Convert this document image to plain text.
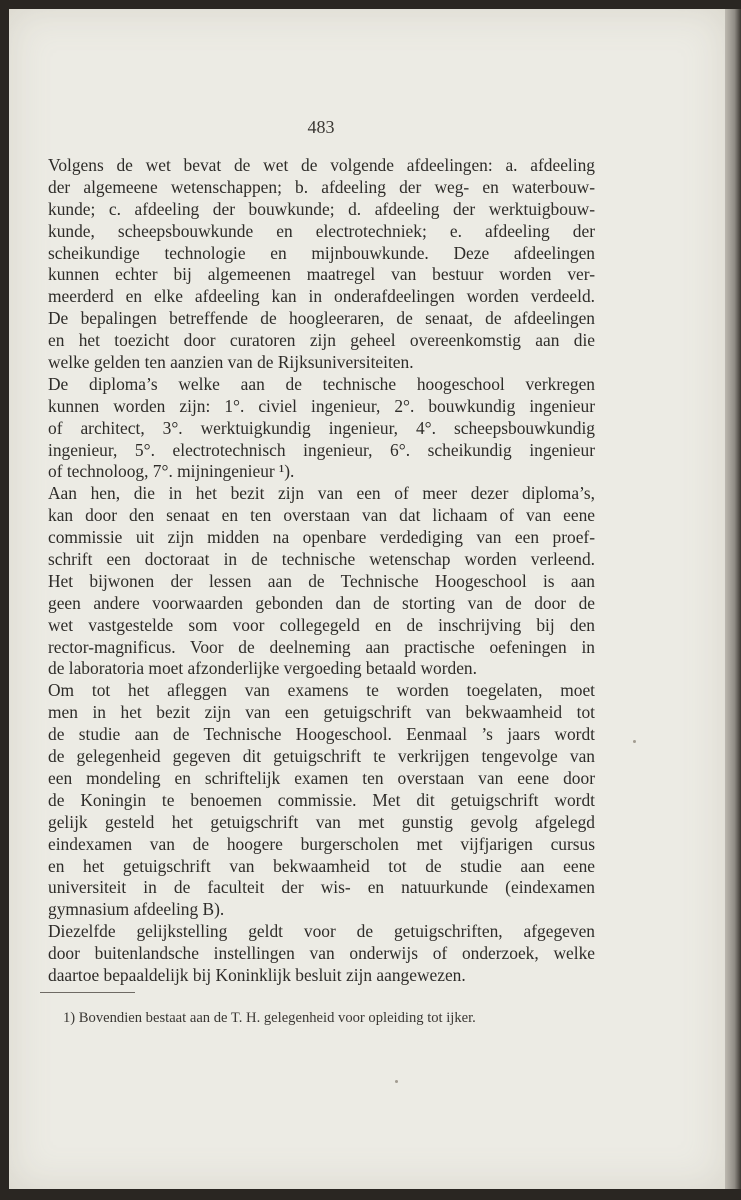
483
Volgens de wet bevat de wet de volgende afdeelingen: a. afdeeling
der algemeene wetenschappen; b. afdeeling der weg- en waterbouw-
kunde; c. afdeeling der bouwkunde; d. afdeeling der werktuigbouw-
kunde, scheepsbouwkunde en electrotechniek; e. afdeeling der
scheikundige technologie en mijnbouwkunde. Deze afdeelingen
kunnen echter bij algemeenen maatregel van bestuur worden ver-
meerderd en elke afdeeling kan in onderafdeelingen worden verdeeld.
De bepalingen betreffende de hoogleeraren, de senaat, de afdeelingen
en het toezicht door curatoren zijn geheel overeenkomstig aan die
welke gelden ten aanzien van de Rijksuniversiteiten.
De diploma’s welke aan de technische hoogeschool verkregen
kunnen worden zijn: 1°. civiel ingenieur, 2°. bouwkundig ingenieur
of architect, 3°. werktuigkundig ingenieur, 4°. scheepsbouwkundig
ingenieur, 5°. electrotechnisch ingenieur, 6°. scheikundig ingenieur
of technoloog, 7°. mijningenieur ¹).
Aan hen, die in het bezit zijn van een of meer dezer diploma’s,
kan door den senaat en ten overstaan van dat lichaam of van eene
commissie uit zijn midden na openbare verdediging van een proef-
schrift een doctoraat in de technische wetenschap worden verleend.
Het bijwonen der lessen aan de Technische Hoogeschool is aan
geen andere voorwaarden gebonden dan de storting van de door de
wet vastgestelde som voor collegegeld en de inschrijving bij den
rector-magnificus. Voor de deelneming aan practische oefeningen in
de laboratoria moet afzonderlijke vergoeding betaald worden.
Om tot het afleggen van examens te worden toegelaten, moet
men in het bezit zijn van een getuigschrift van bekwaamheid tot
de studie aan de Technische Hoogeschool. Eenmaal ’s jaars wordt
de gelegenheid gegeven dit getuigschrift te verkrijgen tengevolge van
een mondeling en schriftelijk examen ten overstaan van eene door
de Koningin te benoemen commissie. Met dit getuigschrift wordt
gelijk gesteld het getuigschrift van met gunstig gevolg afgelegd
eindexamen van de hoogere burgerscholen met vijfjarigen cursus
en het getuigschrift van bekwaamheid tot de studie aan eene
universiteit in de faculteit der wis- en natuurkunde (eindexamen
gymnasium afdeeling B).
Diezelfde gelijkstelling geldt voor de getuigschriften, afgegeven
door buitenlandsche instellingen van onderwijs of onderzoek, welke
daartoe bepaaldelijk bij Koninklijk besluit zijn aangewezen.
1) Bovendien bestaat aan de T. H. gelegenheid voor opleiding tot ijker.
